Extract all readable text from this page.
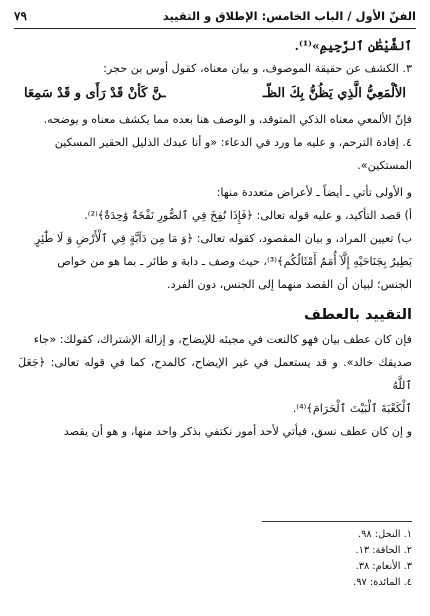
الفنّ الأول / الباب الخامس: الإطلاق و التقييد
٧٩

ٱلشَّيْطَٰنِ ٱلرَّجِيمِ»⁽¹⁾.

٣. الكشف عن حقيقة الموصوف، و بيان معناه، كقول أوس بن حجر:

الألْمَعِيُّ الَّذِي يَظُنُّ بِكَ الظّـ
ـنَّ كَأنْ قَدْ رَأَى و قَدْ سَمِعَا

فإنّ الألمعي معناه الذكي المتوقد، و الوصف هنا بعده مما يكشف معناه و يوضحه.

٤. إفادة الترحم، و عليه ما ورد في الدعاء: «و أنا عبدك الذليل الحقير المسكين

المستكين».

و الأولى تأتي ـ أيضاً ـ لأعراض متعددة منها:

أ) قصد التأكيد، و عليه قوله تعالى: ﴿فَإِذَا نُفِخَ فِي ٱلصُّورِ نَفْخَةٌ وَٰحِدَةٌ﴾⁽²⁾.

ب) تعيين المراد، و بيان المقصود، كقوله تعالى: ﴿وَ مَا مِن دَآبَّةٍ فِي ٱلْأَرْضِ وَ لَا طَٰٓئِرٍ

يَطِيرُ بِجَنَاحَيْهِ إِلَّآ أُمَمٌ أَمْثَالُكُم﴾⁽³⁾، حيث وصف ـ دابة و طائر ـ بما هو من خواص

الجنس؛ لبيان أن القصد منهما إلى الجنس، دون الفرد.

التقييد بالعطف

فإن كان عطف بيان فهو كالنعت في مجيئه للإيضاح، و إزالة الإشتراك، كقولك: «جاء

صديقك خالد». و قد يستعمل في غير الإيضاح، كالمدح، كما في قوله تعالى: ﴿جَعَلَ ٱللَّهُ

ٱلْكَعْبَةَ ٱلْبَيْتَ ٱلْحَرَامَ﴾⁽⁴⁾.

و إن كان عطف نسق، فيأتي لأحد أمور نكتفي بذكر واحد منها، و هو أن يقصد

١. النحل: ٩٨.
٢. الحاقة: ١٣.
٣. الأنعام: ٣٨.
٤. المائدة: ٩٧.
